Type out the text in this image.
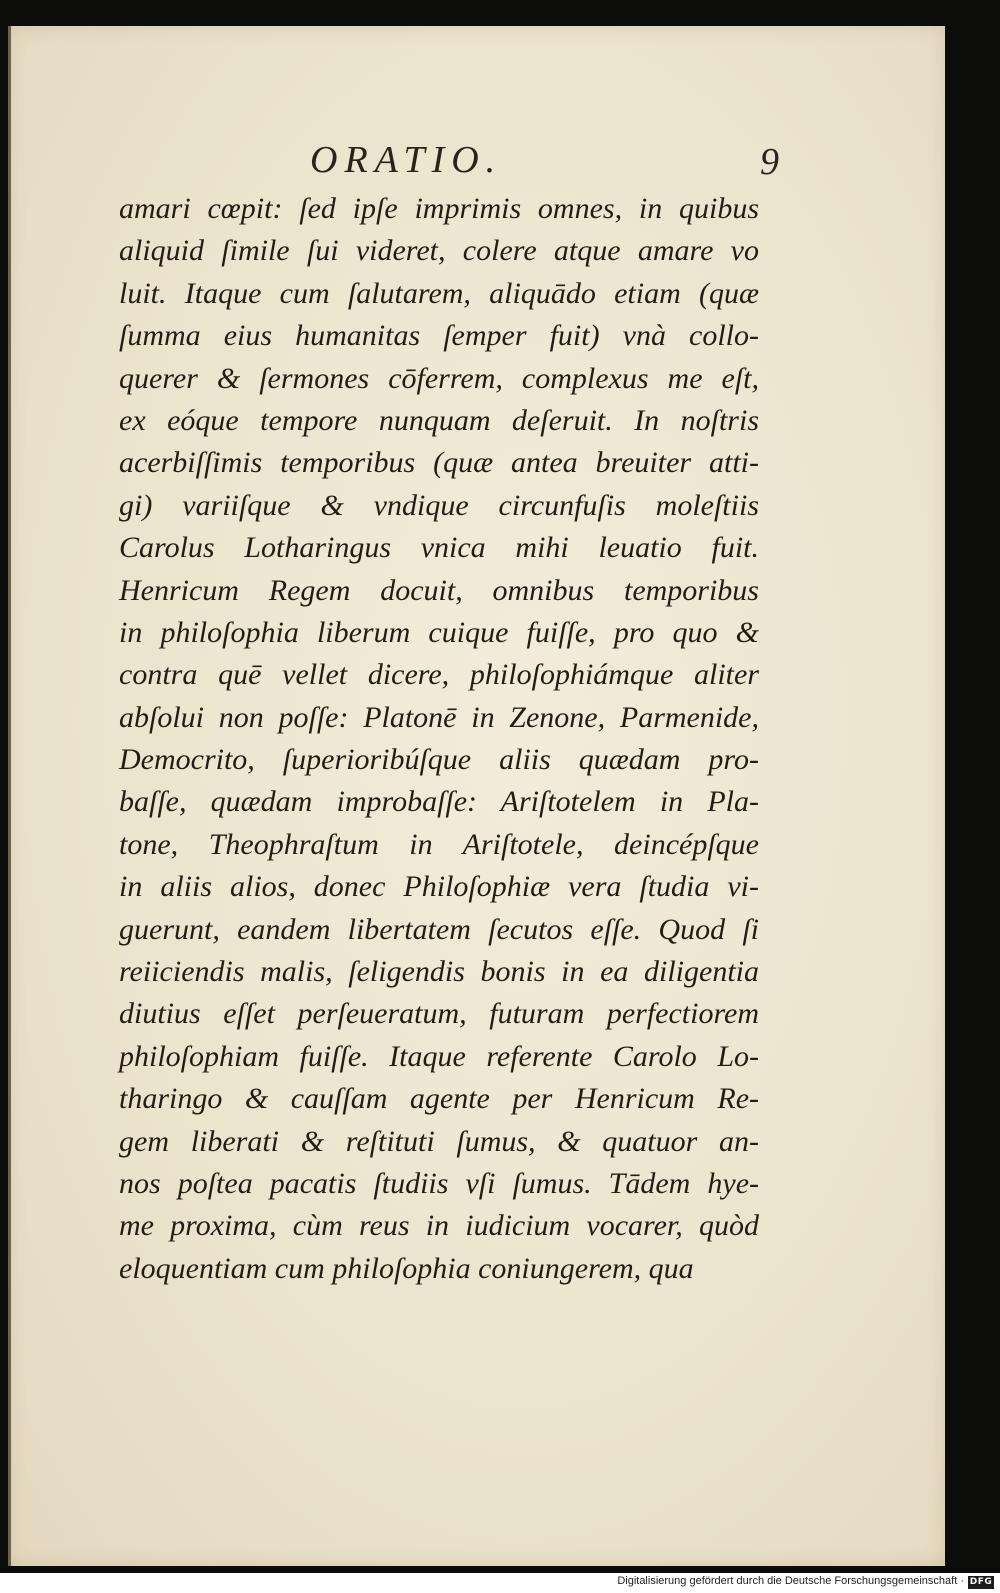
ORATIO.	9
amari cœpit: ſed ipſe imprimis omnes, in quibus
aliquid ſimile ſui videret, colere atque amare vo
luit. Itaque cum ſalutarem, aliquādo etiam (quæ
ſumma eius humanitas ſemper fuit) vnà collo-
querer & ſermones cōferrem, complexus me eſt,
ex eóque tempore nunquam deſeruit. In noſtris
acerbiſſimis temporibus (quæ antea breuiter atti-
gi) variiſque & vndique circunfuſis moleſtiis
Carolus Lotharingus vnica mihi leuatio fuit.
Henricum Regem docuit, omnibus temporibus
in philoſophia liberum cuique fuiſſe, pro quo &
contra quē vellet dicere, philoſophiámque aliter
abſolui non poſſe: Platonē in Zenone, Parmenide,
Democrito, ſuperioribúſque aliis quædam pro-
baſſe, quædam improbaſſe: Ariſtotelem in Pla-
tone, Theophraſtum in Ariſtotele, deincépſque
in aliis alios, donec Philoſophiæ vera ſtudia vi-
guerunt, eandem libertatem ſecutos eſſe. Quod ſi
reiiciendis malis, ſeligendis bonis in ea diligentia
diutius eſſet perſeueratum, futuram perfectiorem
philoſophiam fuiſſe. Itaque referente Carolo Lo-
tharingo & cauſſam agente per Henricum Re-
gem liberati & reſtituti ſumus, & quatuor an-
nos poſtea pacatis ſtudiis vſi ſumus. Tādem hye-
me proxima, cùm reus in iudicium vocarer, quòd
eloquentiam cum philoſophia coniungerem, qua
Digitalisierung gefördert durch die Deutsche Forschungsgemeinschaft · DFG
